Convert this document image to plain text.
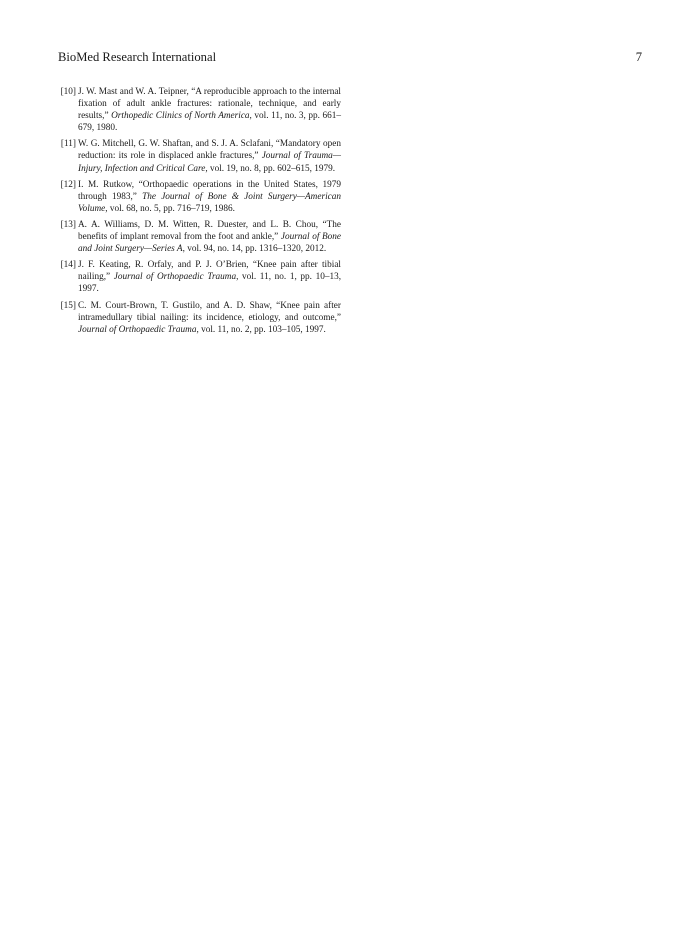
BioMed Research International	7
[10] J. W. Mast and W. A. Teipner, “A reproducible approach to the internal fixation of adult ankle fractures: rationale, technique, and early results,” Orthopedic Clinics of North America, vol. 11, no. 3, pp. 661–679, 1980.
[11] W. G. Mitchell, G. W. Shaftan, and S. J. A. Sclafani, “Mandatory open reduction: its role in displaced ankle fractures,” Journal of Trauma—Injury, Infection and Critical Care, vol. 19, no. 8, pp. 602–615, 1979.
[12] I. M. Rutkow, “Orthopaedic operations in the United States, 1979 through 1983,” The Journal of Bone & Joint Surgery—American Volume, vol. 68, no. 5, pp. 716–719, 1986.
[13] A. A. Williams, D. M. Witten, R. Duester, and L. B. Chou, “The benefits of implant removal from the foot and ankle,” Journal of Bone and Joint Surgery—Series A, vol. 94, no. 14, pp. 1316–1320, 2012.
[14] J. F. Keating, R. Orfaly, and P. J. O’Brien, “Knee pain after tibial nailing,” Journal of Orthopaedic Trauma, vol. 11, no. 1, pp. 10–13, 1997.
[15] C. M. Court-Brown, T. Gustilo, and A. D. Shaw, “Knee pain after intramedullary tibial nailing: its incidence, etiology, and outcome,” Journal of Orthopaedic Trauma, vol. 11, no. 2, pp. 103–105, 1997.
